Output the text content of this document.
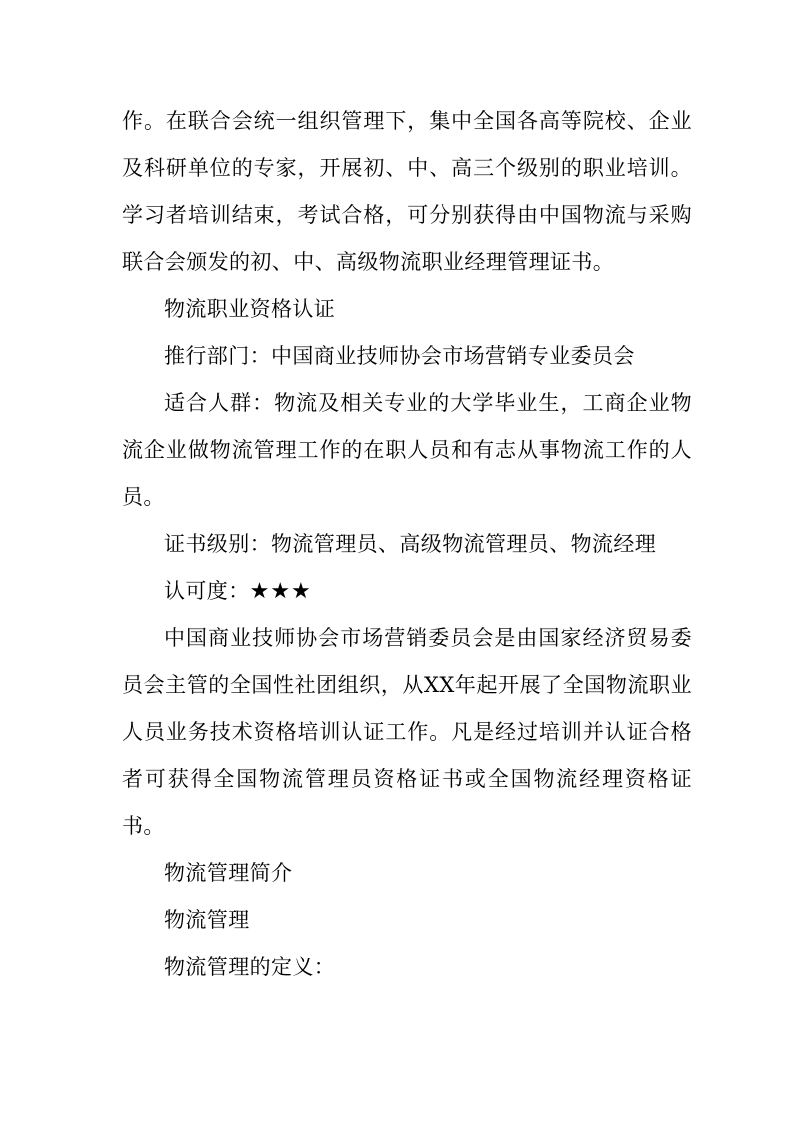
作。在联合会统一组织管理下，集中全国各高等院校、企业及科研单位的专家，开展初、中、高三个级别的职业培训。学习者培训结束，考试合格，可分别获得由中国物流与采购联合会颁发的初、中、高级物流职业经理管理证书。

物流职业资格认证

推行部门：中国商业技师协会市场营销专业委员会

适合人群：物流及相关专业的大学毕业生，工商企业物流企业做物流管理工作的在职人员和有志从事物流工作的人员。

证书级别：物流管理员、高级物流管理员、物流经理

认可度：★★★

中国商业技师协会市场营销委员会是由国家经济贸易委员会主管的全国性社团组织，从XX年起开展了全国物流职业人员业务技术资格培训认证工作。凡是经过培训并认证合格者可获得全国物流管理员资格证书或全国物流经理资格证书。

物流管理简介

物流管理

物流管理的定义：
